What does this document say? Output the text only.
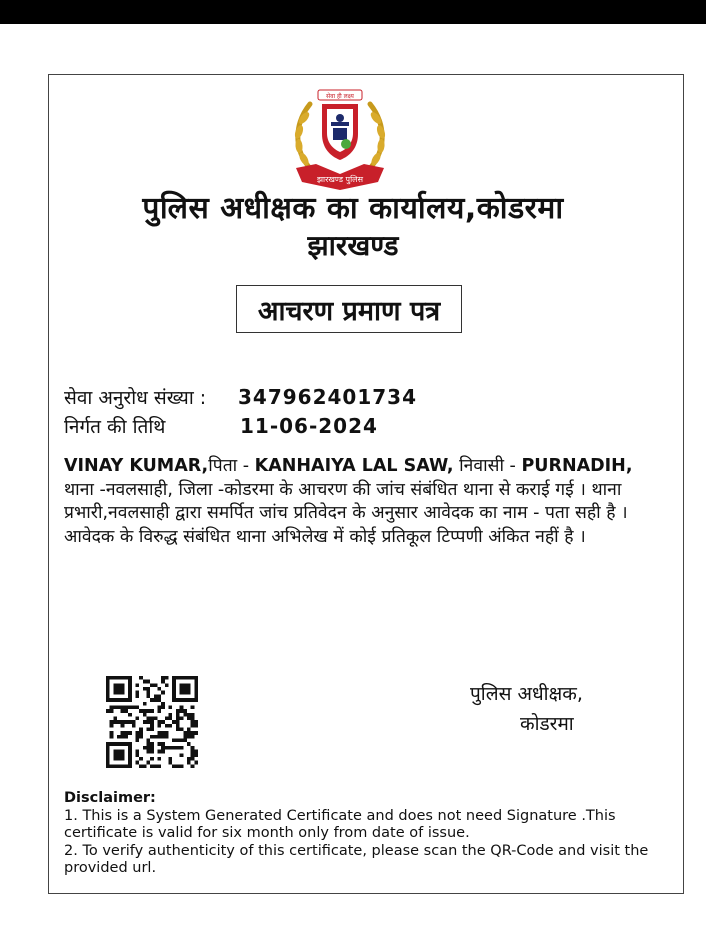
सेवा ही लक्ष्य
झारखण्ड पुलिस
पुलिस अधीक्षक का कार्यालय,कोडरमा
झारखण्ड
आचरण प्रमाण पत्र
सेवा अनुरोध संख्या : 347962401734
निर्गत की तिथि	11-06-2024
VINAY KUMAR,पिता - KANHAIYA LAL SAW, निवासी - PURNADIH, थाना -नवलसाही, जिला -कोडरमा के आचरण की जांच संबंधित थाना से कराई गई । थाना प्रभारी,नवलसाही द्वारा समर्पित जांच प्रतिवेदन के अनुसार आवेदक का नाम - पता सही है । आवेदक के विरुद्ध संबंधित थाना अभिलेख में कोई प्रतिकूल टिप्पणी अंकित नहीं है ।
पुलिस अधीक्षक,
कोडरमा

Disclaimer:

1. This is a System Generated Certificate and does not need Signature .This certificate is valid for six month only from date of issue.

2. To verify authenticity of this certificate, please scan the QR-Code and visit the provided url.
